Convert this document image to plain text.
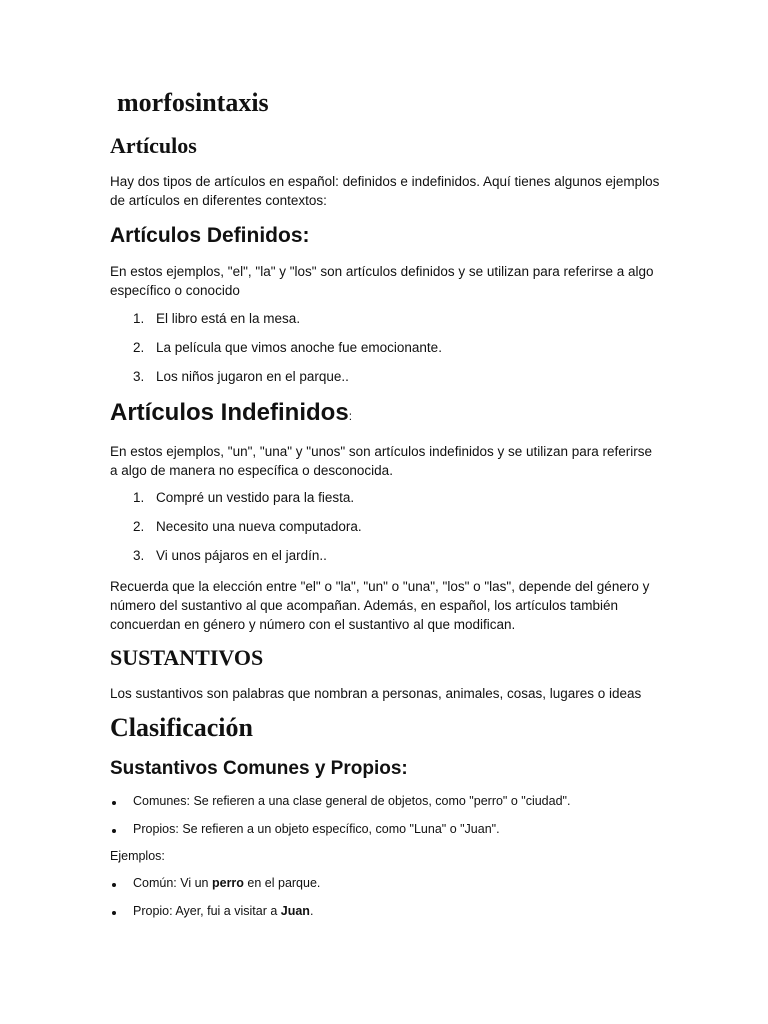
morfosintaxis
Artículos

Hay dos tipos de artículos en español: definidos e indefinidos. Aquí tienes algunos ejemplos de artículos en diferentes contextos:

Artículos Definidos:

En estos ejemplos, "el", "la" y "los" son artículos definidos y se utilizan para referirse a algo específico o conocido

1. El libro está en la mesa.
2. La película que vimos anoche fue emocionante.
3. Los niños jugaron en el parque..
Artículos Indefinidos:

En estos ejemplos, "un", "una" y "unos" son artículos indefinidos y se utilizan para referirse a algo de manera no específica o desconocida.

1. Compré un vestido para la fiesta.
2. Necesito una nueva computadora.
3. Vi unos pájaros en el jardín..

Recuerda que la elección entre "el" o "la", "un" o "una", "los" o "las", depende del género y número del sustantivo al que acompañan. Además, en español, los artículos también concuerdan en género y número con el sustantivo al que modifican.

SUSTANTIVOS

Los sustantivos son palabras que nombran a personas, animales, cosas, lugares o ideas

Clasificación
Sustantivos Comunes y Propios:
Comunes: Se refieren a una clase general de objetos, como "perro" o "ciudad".
Propios: Se refieren a un objeto específico, como "Luna" o "Juan".
Ejemplos:
Común: Vi un perro en el parque.
Propio: Ayer, fui a visitar a Juan.
